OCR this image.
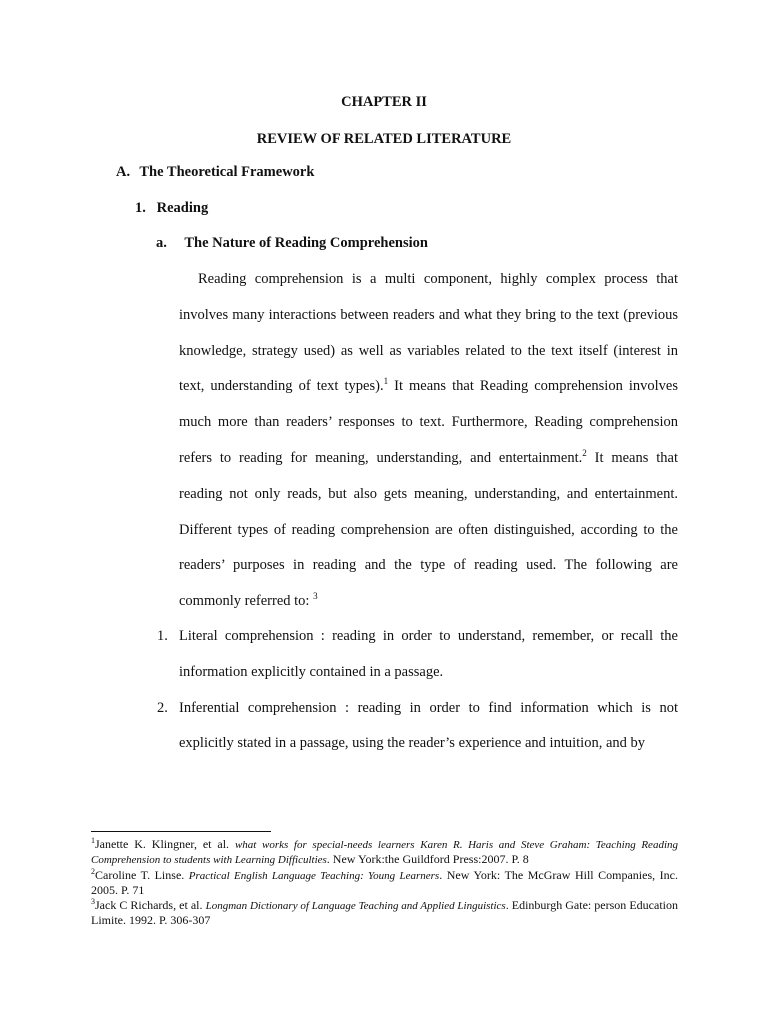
CHAPTER II
REVIEW OF RELATED LITERATURE
A. The Theoretical Framework
1. Reading
a. The Nature of Reading Comprehension

Reading comprehension is a multi component, highly complex process that involves many interactions between readers and what they bring to the text (previous knowledge, strategy used) as well as variables related to the text itself (interest in text, understanding of text types).$^1$ It means that Reading comprehension involves much more than readers’ responses to text. Furthermore, Reading comprehension refers to reading for meaning, understanding, and entertainment.$^2$ It means that reading not only reads, but also gets meaning, understanding, and entertainment. Different types of reading comprehension are often distinguished, according to the readers’ purposes in reading and the type of reading used. The following are commonly referred to: $^3$

1. Literal comprehension : reading in order to understand, remember, or recall the information explicitly contained in a passage.

2. Inferential comprehension : reading in order to find information which is not explicitly stated in a passage, using the reader’s experience and intuition, and by

$^1$Janette K. Klingner, et al. what works for special-needs learners Karen R. Haris and Steve Graham: Teaching Reading Comprehension to students with Learning Difficulties. New York:the Guildford Press:2007. P. 8

$^2$Caroline T. Linse. Practical English Language Teaching: Young Learners. New York: The McGraw Hill Companies, Inc. 2005. P. 71

$^3$Jack C Richards, et al. Longman Dictionary of Language Teaching and Applied Linguistics. Edinburgh Gate: person Education Limite. 1992. P. 306-307
